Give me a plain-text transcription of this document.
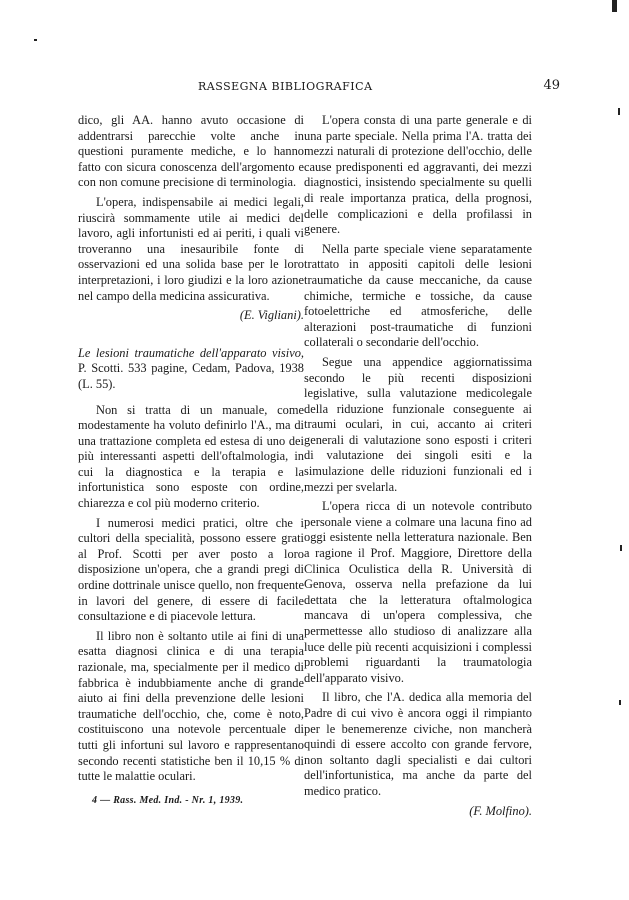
RASSEGNA BIBLIOGRAFICA	49

dico, gli AA. hanno avuto occasione di addentrarsi parecchie volte anche in questioni puramente mediche, e lo hanno fatto con sicura conoscenza dell'argomento e con non comune precisione di terminologia.

L'opera, indispensabile ai medici legali, riuscirà sommamente utile ai medici del lavoro, agli infortunisti ed ai periti, i quali vi troveranno una inesauribile fonte di osservazioni ed una solida base per le loro interpretazioni, i loro giudizi e la loro azione nel campo della medicina assicurativa.

(E. Vigliani).

Le lesioni traumatiche dell'apparato visivo, P. Scotti. 533 pagine, Cedam, Padova, 1938 (L. 55).

Non si tratta di un manuale, come modestamente ha voluto definirlo l'A., ma di una trattazione completa ed estesa di uno dei più interessanti aspetti dell'oftalmologia, in cui la diagnostica e la terapia e la infortunistica sono esposte con ordine, chiarezza e col più moderno criterio.

I numerosi medici pratici, oltre che i cultori della specialità, possono essere grati al Prof. Scotti per aver posto a loro disposizione un'opera, che a grandi pregi di ordine dottrinale unisce quello, non frequente in lavori del genere, di essere di facile consultazione e di piacevole lettura.

Il libro non è soltanto utile ai fini di una esatta diagnosi clinica e di una terapia razionale, ma, specialmente per il medico di fabbrica è indubbiamente anche di grande aiuto ai fini della prevenzione delle lesioni traumatiche dell'occhio, che, come è noto, costituiscono una notevole percentuale di tutti gli infortuni sul lavoro e rappresentano secondo recenti statistiche ben il 10,15 % di tutte le malattie oculari.

L'opera consta di una parte generale e di una parte speciale. Nella prima l'A. tratta dei mezzi naturali di protezione dell'occhio, delle cause predisponenti ed aggravanti, dei mezzi diagnostici, insistendo specialmente su quelli di reale importanza pratica, della prognosi, delle complicazioni e della profilassi in genere.

Nella parte speciale viene separatamente trattato in appositi capitoli delle lesioni traumatiche da cause meccaniche, da cause chimiche, termiche e tossiche, da cause fotoelettriche ed atmosferiche, delle alterazioni post-traumatiche di funzioni collaterali o secondarie dell'occhio.

Segue una appendice aggiornatissima secondo le più recenti disposizioni legislative, sulla valutazione medicolegale della riduzione funzionale conseguente ai traumi oculari, in cui, accanto ai criteri generali di valutazione sono esposti i criteri di valutazione dei singoli esiti e la simulazione delle riduzioni funzionali ed i mezzi per svelarla.

L'opera ricca di un notevole contributo personale viene a colmare una lacuna fino ad oggi esistente nella letteratura nazionale. Ben a ragione il Prof. Maggiore, Direttore della Clinica Oculistica della R. Università di Genova, osserva nella prefazione da lui dettata che la letteratura oftalmologica mancava di un'opera complessiva, che permettesse allo studioso di analizzare alla luce delle più recenti acquisizioni i complessi problemi riguardanti la traumatologia dell'apparato visivo.

Il libro, che l'A. dedica alla memoria del Padre di cui vivo è ancora oggi il rimpianto per le benemerenze civiche, non mancherà quindi di essere accolto con grande fervore, non soltanto dagli specialisti e dai cultori dell'infortunistica, ma anche da parte del medico pratico.

(F. Molfino).

4 — Rass. Med. Ind. - Nr. 1, 1939.
